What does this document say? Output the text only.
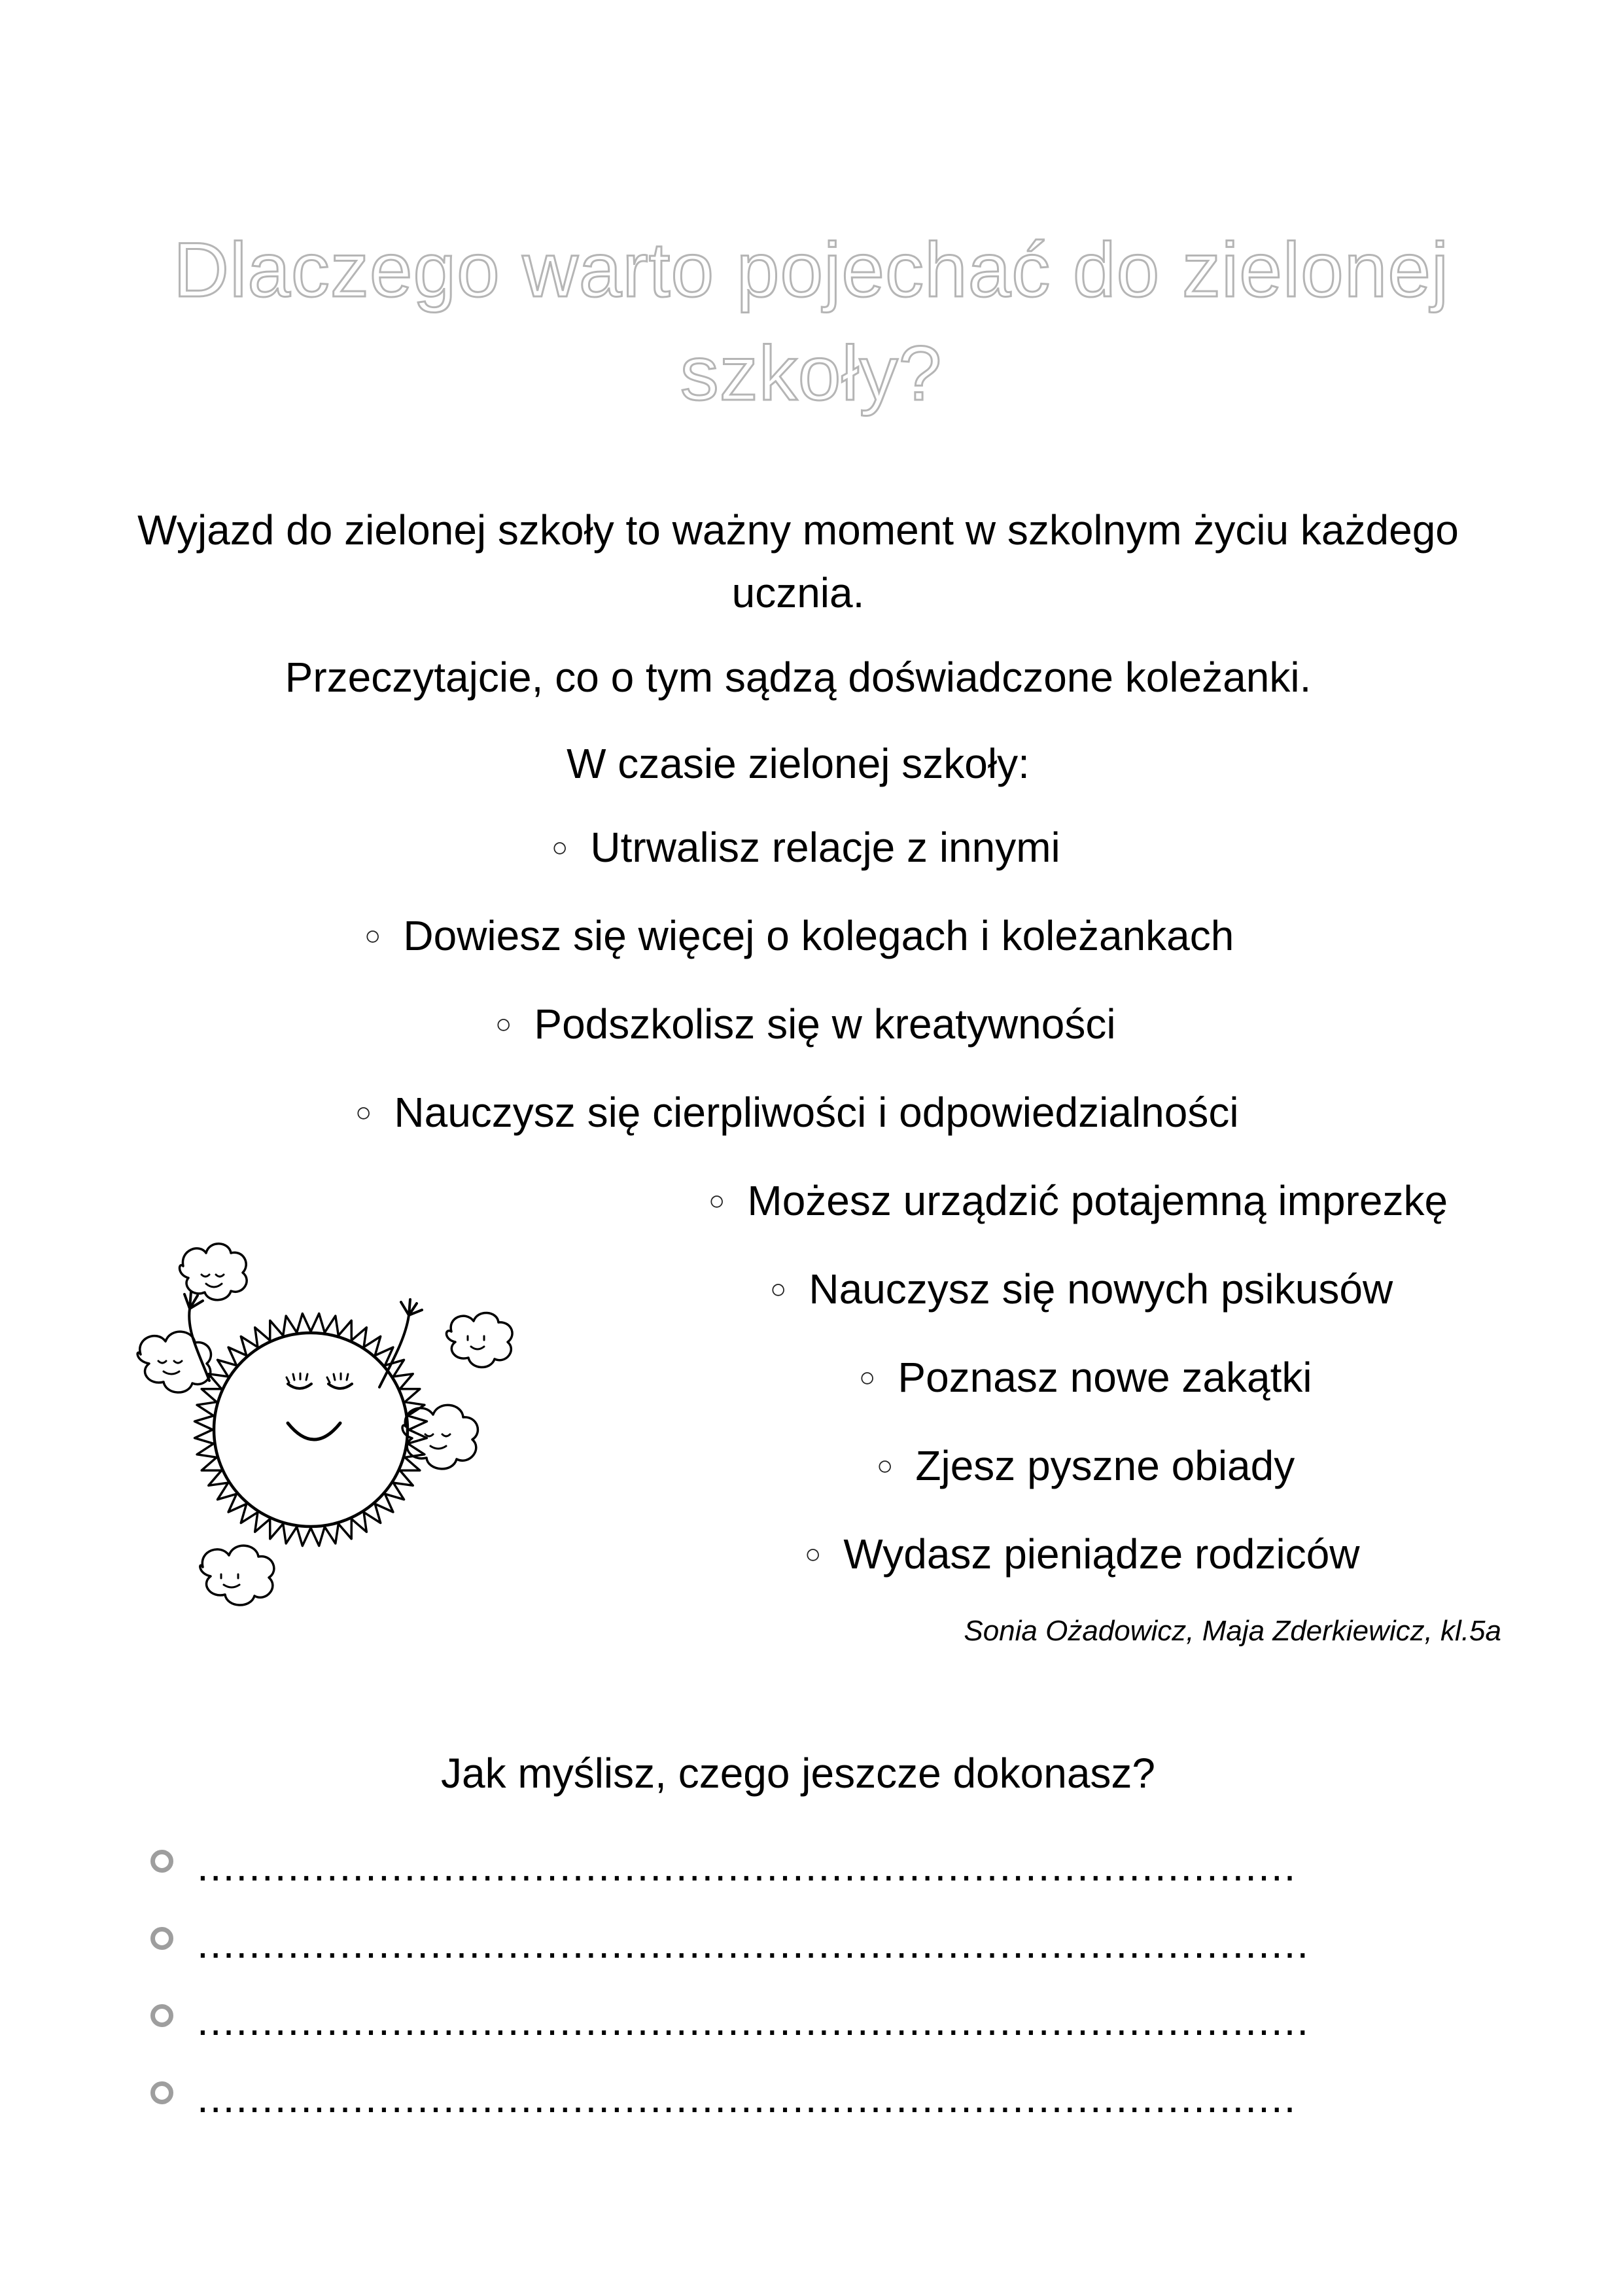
Dlaczego warto pojechać do zielonej
szkoły?
Wyjazd do zielonej szkoły to ważny moment w szkolnym życiu każdego
ucznia.
Przeczytajcie, co o tym sądzą doświadczone koleżanki.
W czasie zielonej szkoły:
○ Utrwalisz relacje z innymi
○ Dowiesz się więcej o kolegach i koleżankach
○ Podszkolisz się w kreatywności
○ Nauczysz się cierpliwości i odpowiedzialności
○ Możesz urządzić potajemną imprezkę
○ Nauczysz się nowych psikusów
○ Poznasz nowe zakątki
○ Zjesz pyszne obiady
○ Wydasz pieniądze rodziców
Sonia Ożadowicz, Maja Zderkiewicz, kl.5a
Jak myślisz, czego jeszcze dokonasz?
.....................................................................................
......................................................................................
......................................................................................
.....................................................................................
